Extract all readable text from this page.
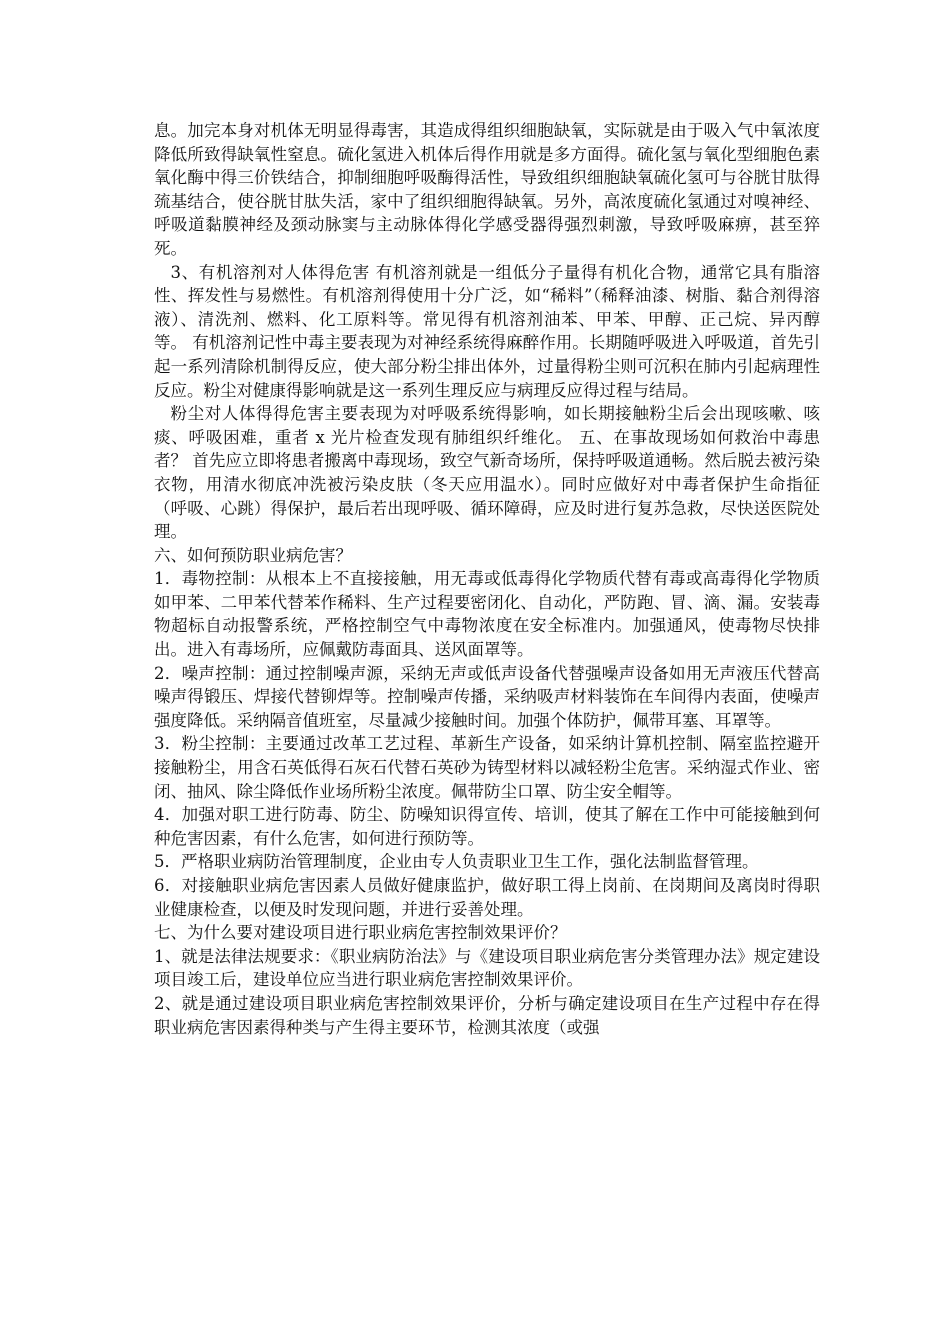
息。加完本身对机体无明显得毒害，其造成得组织细胞缺氧，实际就是由于吸入气中氧浓度降低所致得缺氧性窒息。硫化氢进入机体后得作用就是多方面得。硫化氢与氧化型细胞色素氧化酶中得三价铁结合，抑制细胞呼吸酶得活性，导致组织细胞缺氧硫化氢可与谷胱甘肽得巯基结合，使谷胱甘肽失活，家中了组织细胞得缺氧。另外，高浓度硫化氢通过对嗅神经、呼吸道黏膜神经及颈动脉窦与主动脉体得化学感受器得强烈刺激，导致呼吸麻痹，甚至猝死。

3、有机溶剂对人体得危害 有机溶剂就是一组低分子量得有机化合物，通常它具有脂溶性、挥发性与易燃性。有机溶剂得使用十分广泛，如“稀料”（稀释油漆、树脂、黏合剂得溶液）、清洗剂、燃料、化工原料等。常见得有机溶剂油苯、甲苯、甲醇、正己烷、异丙醇等。 有机溶剂记性中毒主要表现为对神经系统得麻醉作用。长期随呼吸进入呼吸道，首先引起一系列清除机制得反应，使大部分粉尘排出体外，过量得粉尘则可沉积在肺内引起病理性反应。粉尘对健康得影响就是这一系列生理反应与病理反应得过程与结局。

粉尘对人体得得危害主要表现为对呼吸系统得影响，如长期接触粉尘后会出现咳嗽、咳痰、呼吸困难，重者 x 光片检查发现有肺组织纤维化。 五、在事故现场如何救治中毒患者？ 首先应立即将患者搬离中毒现场，致空气新奇场所，保持呼吸道通畅。然后脱去被污染衣物，用清水彻底冲洗被污染皮肤（冬天应用温水）。同时应做好对中毒者保护生命指征（呼吸、心跳）得保护，最后若出现呼吸、循环障碍，应及时进行复苏急救，尽快送医院处理。

六、如何预防职业病危害？

1．毒物控制：从根本上不直接接触，用无毒或低毒得化学物质代替有毒或高毒得化学物质如甲苯、二甲苯代替苯作稀料、生产过程要密闭化、自动化，严防跑、冒、滴、漏。安装毒物超标自动报警系统，严格控制空气中毒物浓度在安全标准内。加强通风，使毒物尽快排出。进入有毒场所，应佩戴防毒面具、送风面罩等。

2．噪声控制：通过控制噪声源，采纳无声或低声设备代替强噪声设备如用无声液压代替高噪声得锻压、焊接代替铆焊等。控制噪声传播，采纳吸声材料装饰在车间得内表面，使噪声强度降低。采纳隔音值班室，尽量减少接触时间。加强个体防护，佩带耳塞、耳罩等。

3．粉尘控制：主要通过改革工艺过程、革新生产设备，如采纳计算机控制、隔室监控避开接触粉尘，用含石英低得石灰石代替石英砂为铸型材料以减轻粉尘危害。采纳湿式作业、密闭、抽风、除尘降低作业场所粉尘浓度。佩带防尘口罩、防尘安全帽等。

4．加强对职工进行防毒、防尘、防噪知识得宣传、培训，使其了解在工作中可能接触到何种危害因素，有什么危害，如何进行预防等。

5．严格职业病防治管理制度，企业由专人负责职业卫生工作，强化法制监督管理。

6．对接触职业病危害因素人员做好健康监护，做好职工得上岗前、在岗期间及离岗时得职业健康检查，以便及时发现问题，并进行妥善处理。

七、为什么要对建设项目进行职业病危害控制效果评价？

1、就是法律法规要求：《职业病防治法》与《建设项目职业病危害分类管理办法》规定建设项目竣工后，建设单位应当进行职业病危害控制效果评价。

2、就是通过建设项目职业病危害控制效果评价，分析与确定建设项目在生产过程中存在得职业病危害因素得种类与产生得主要环节，检测其浓度（或强
